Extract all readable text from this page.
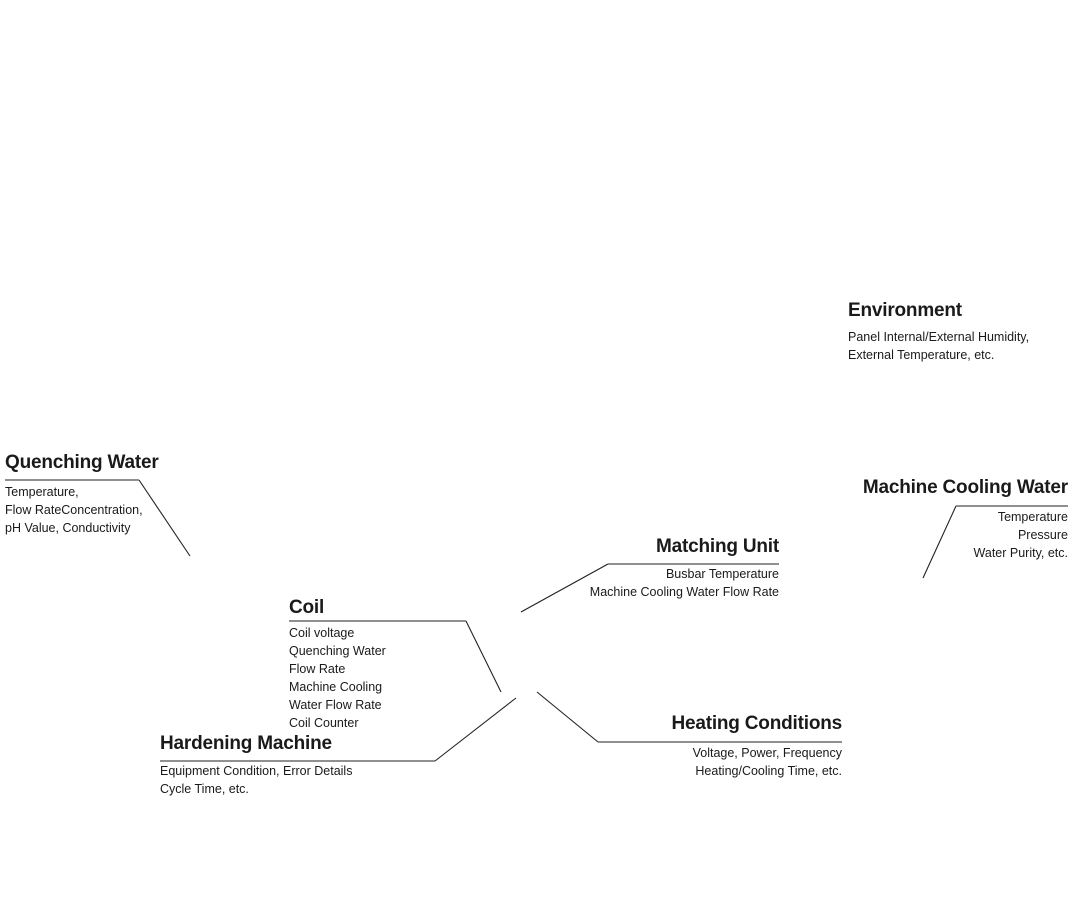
Environment
Panel Internal/External Humidity,
External Temperature, etc.
Quenching Water
Temperature,
Flow RateConcentration,
pH Value, Conductivity
Machine Cooling Water
Temperature
Pressure
Water Purity, etc.
Matching Unit
Busbar Temperature
Machine Cooling Water Flow Rate
Coil
Coil voltage
Quenching Water
Flow Rate
Machine Cooling
Water Flow Rate
Coil Counter	Heating Conditions
Voltage, Power, Frequency
Heating/Cooling Time, etc.
Hardening Machine
Equipment Condition, Error Details
Cycle Time, etc.
